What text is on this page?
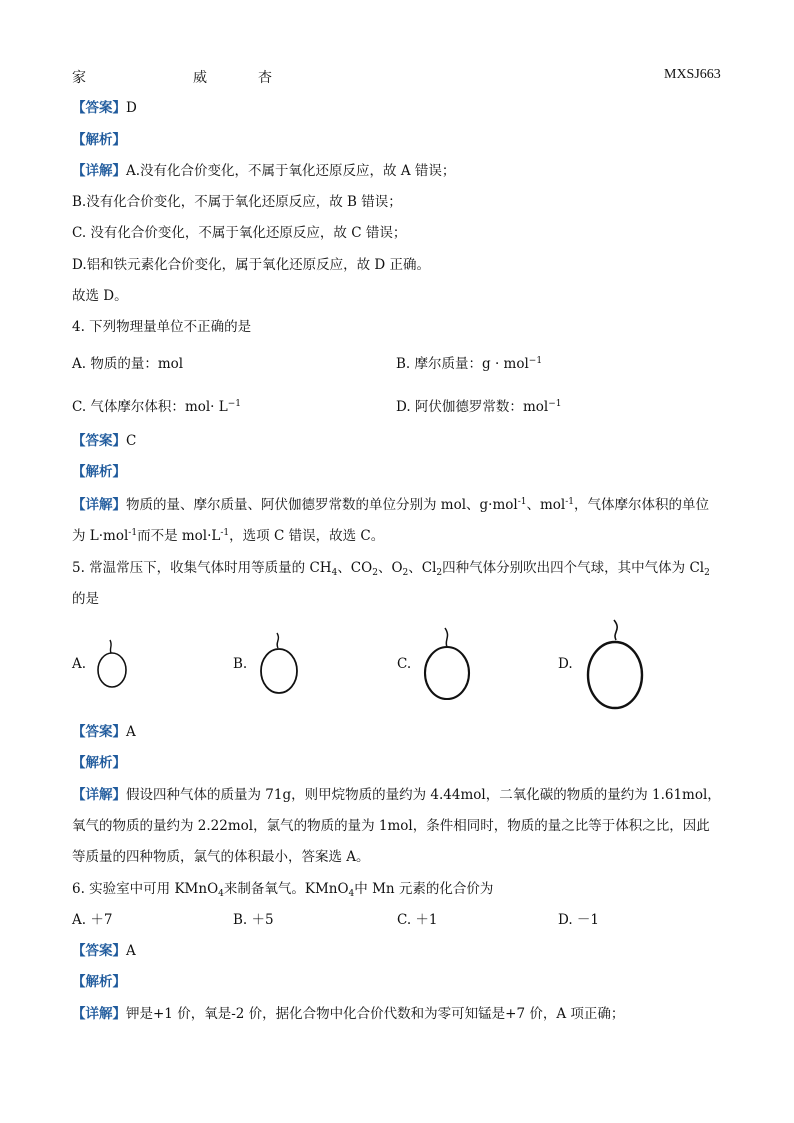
家	威	杏	MXSJ663
【答案】D
【解析】
【详解】A.没有化合价变化，不属于氧化还原反应，故 A 错误；
B.没有化合价变化，不属于氧化还原反应，故 B 错误；
C. 没有化合价变化，不属于氧化还原反应，故 C 错误；
D.铝和铁元素化合价变化，属于氧化还原反应，故 D 正确。
故选 D。
4. 下列物理量单位不正确的是
A. 物质的量：mol	B. 摩尔质量：g · mol$^{-1}$
C. 气体摩尔体积：$mol\cdot L^{-1}$	D. 阿伏伽德罗常数：mol$^{-1}$
【答案】C
【解析】
【详解】物质的量、摩尔质量、阿伏伽德罗常数的单位分别为 mol、g·mol$^{-1}$、mol$^{-1}$，气体摩尔体积的单位
为 L·mol$^{-1}$而不是 $mol\cdot L^{-1}$，选项 C 错误，故选 C。
5. 常温常压下，收集气体时用等质量的 $CH_4$、$CO_2$、$O_2$、$Cl_2$四种气体分别吹出四个气球，其中气体为 $Cl_2$
的是
A.	B.	C.	D.
【答案】A
【解析】
【详解】假设四种气体的质量为 71g，则甲烷物质的量约为 4.44mol，二氧化碳的物质的量约为 1.61mol，
氧气的物质的量约为 2.22mol，氯气的物质的量为 1mol，条件相同时，物质的量之比等于体积之比，因此
等质量的四种物质，氯气的体积最小，答案选 A。
6. 实验室中可用 KMnO$_4$来制备氧气。KMnO$_4$中 Mn 元素的化合价为
A. ＋7	B. ＋5	C. ＋1	D. －1
【答案】A
【解析】
【详解】钾是+1 价，氧是-2 价，据化合物中化合价代数和为零可知锰是+7 价，A 项正确；
